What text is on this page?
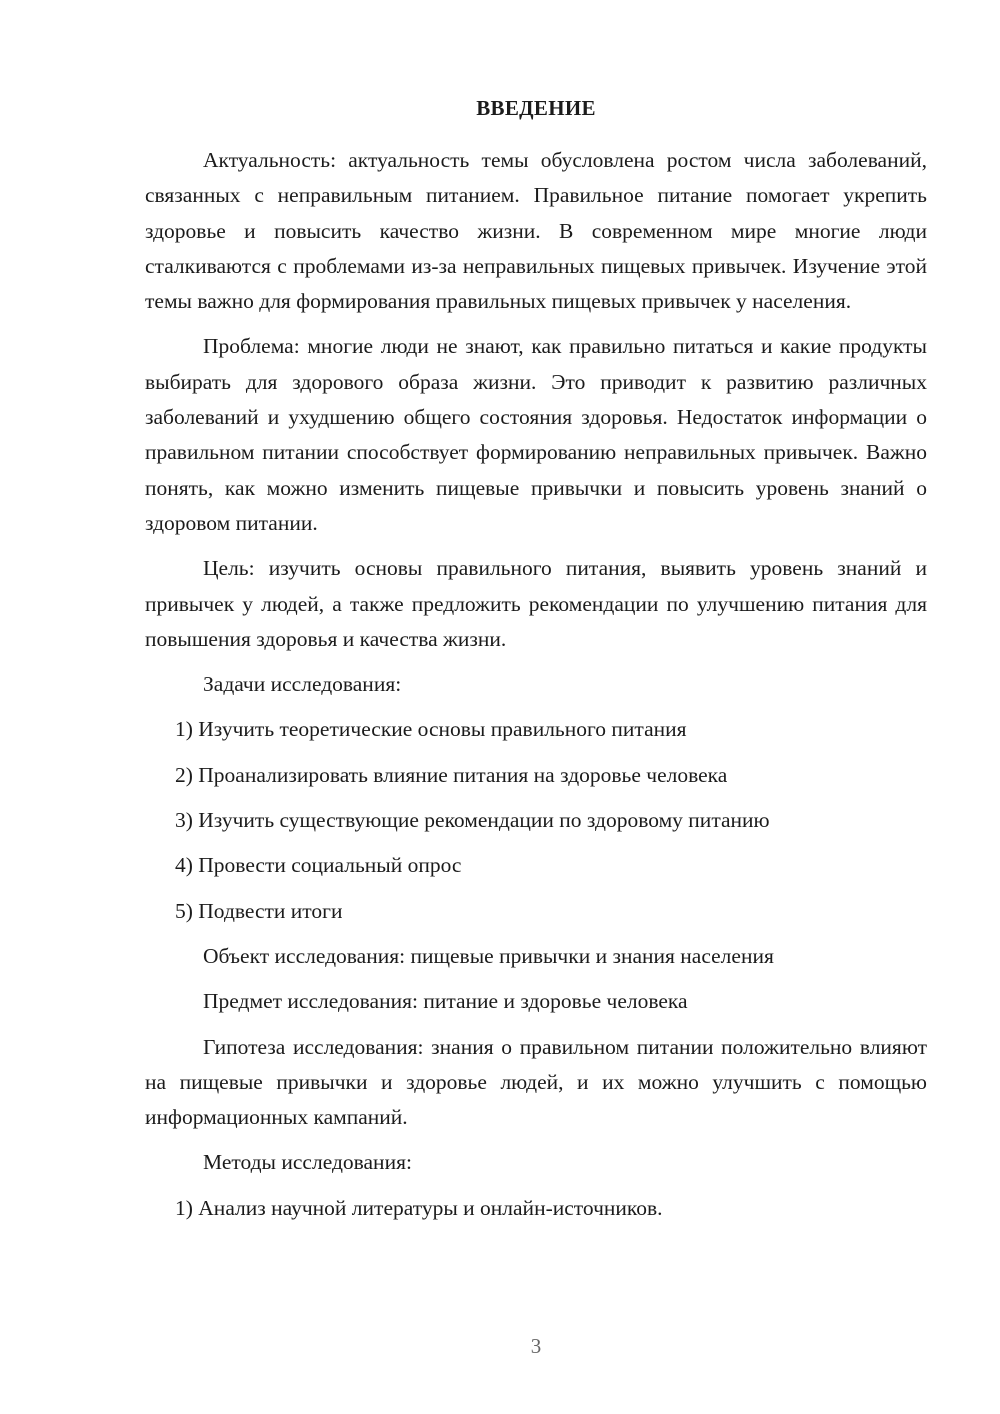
ВВЕДЕНИЕ

Актуальность: актуальность темы обусловлена ростом числа заболеваний, связанных с неправильным питанием. Правильное питание помогает укрепить здоровье и повысить качество жизни. В современном мире многие люди сталкиваются с проблемами из-за неправильных пищевых привычек. Изучение этой темы важно для формирования правильных пищевых привычек у населения.

Проблема: многие люди не знают, как правильно питаться и какие продукты выбирать для здорового образа жизни. Это приводит к развитию различных заболеваний и ухудшению общего состояния здоровья. Недостаток информации о правильном питании способствует формированию неправильных привычек. Важно понять, как можно изменить пищевые привычки и повысить уровень знаний о здоровом питании.

Цель: изучить основы правильного питания, выявить уровень знаний и привычек у людей, а также предложить рекомендации по улучшению питания для повышения здоровья и качества жизни.

Задачи исследования:

1) Изучить теоретические основы правильного питания

2) Проанализировать влияние питания на здоровье человека

3) Изучить существующие рекомендации по здоровому питанию

4) Провести социальный опрос

5) Подвести итоги

Объект исследования: пищевые привычки и знания населения

Предмет исследования: питание и здоровье человека

Гипотеза исследования: знания о правильном питании положительно влияют на пищевые привычки и здоровье людей, и их можно улучшить с помощью информационных кампаний.

Методы исследования:

1) Анализ научной литературы и онлайн-источников.

3
